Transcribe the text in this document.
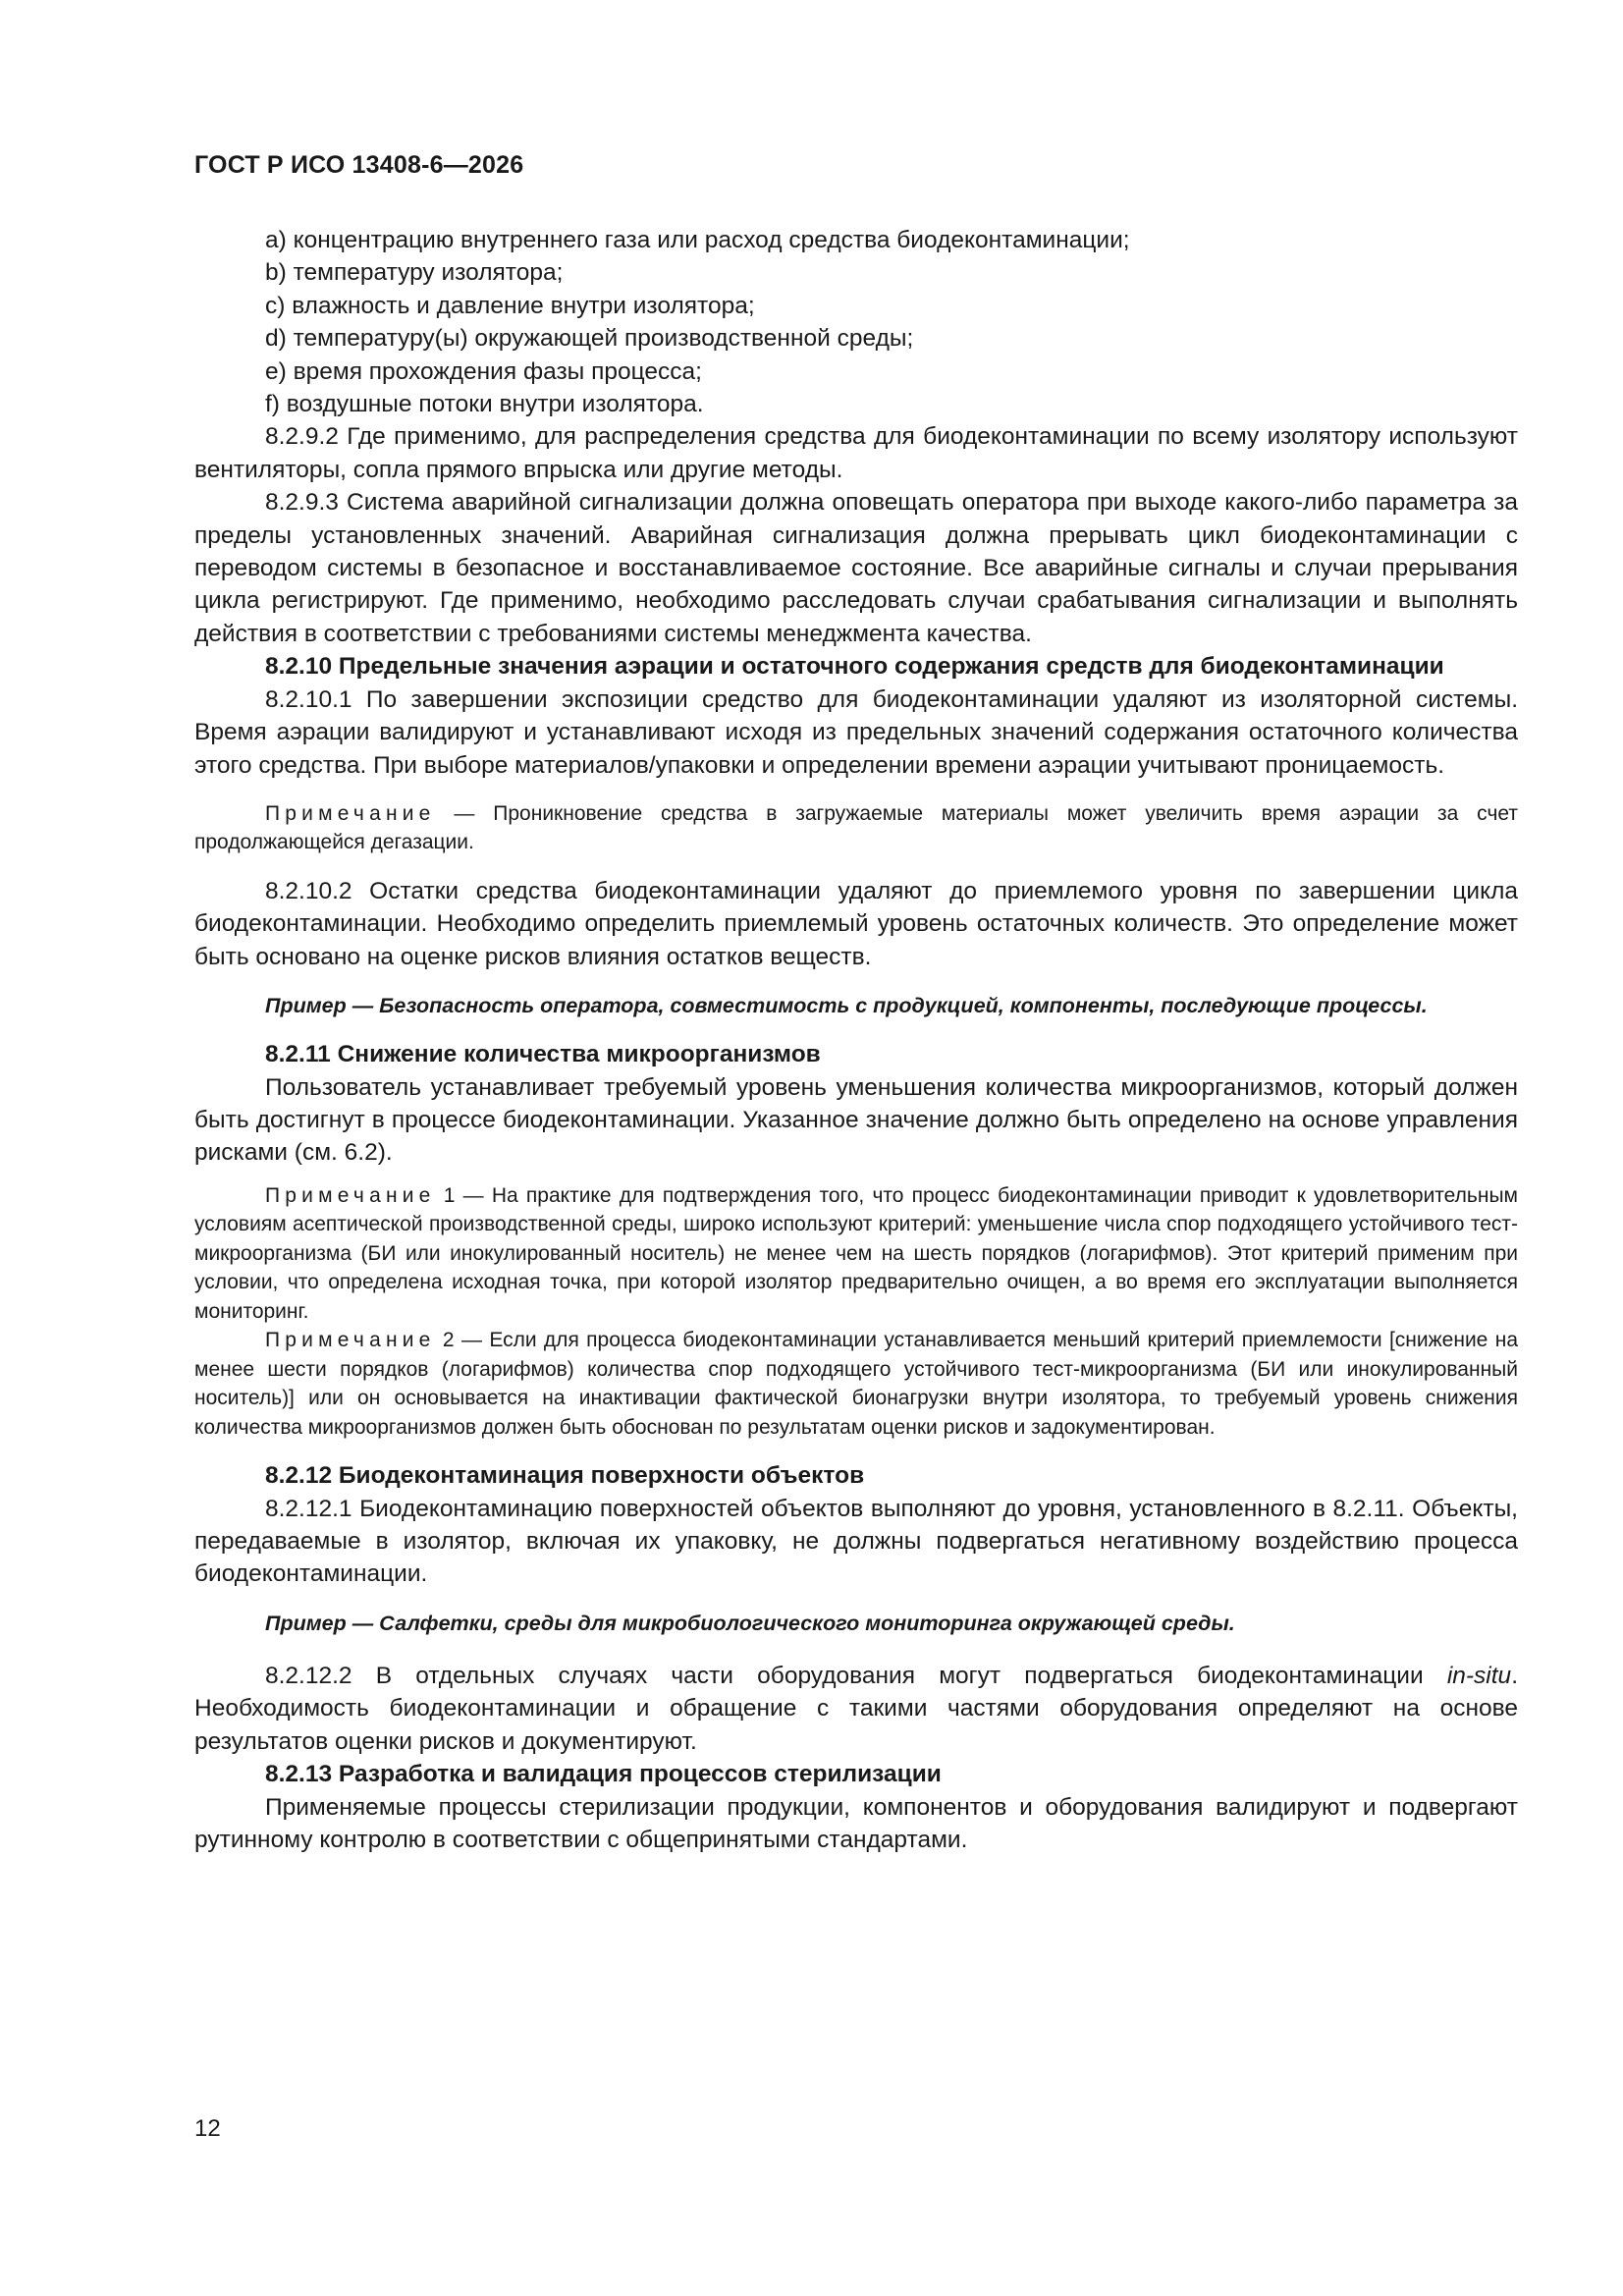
ГОСТ Р ИСО 13408-6—2026

a) концентрацию внутреннего газа или расход средства биодеконтаминации;

b) температуру изолятора;

c) влажность и давление внутри изолятора;

d) температуру(ы) окружающей производственной среды;

e) время прохождения фазы процесса;

f) воздушные потоки внутри изолятора.

8.2.9.2 Где применимо, для распределения средства для биодеконтаминации по всему изолятору используют вентиляторы, сопла прямого впрыска или другие методы.

8.2.9.3 Система аварийной сигнализации должна оповещать оператора при выходе какого-либо параметра за пределы установленных значений. Аварийная сигнализация должна прерывать цикл биодеконтаминации с переводом системы в безопасное и восстанавливаемое состояние. Все аварийные сигналы и случаи прерывания цикла регистрируют. Где применимо, необходимо расследовать случаи срабатывания сигнализации и выполнять действия в соответствии с требованиями системы менеджмента качества.

8.2.10 Предельные значения аэрации и остаточного содержания средств для биодеконтаминации

8.2.10.1 По завершении экспозиции средство для биодеконтаминации удаляют из изоляторной системы. Время аэрации валидируют и устанавливают исходя из предельных значений содержания остаточного количества этого средства. При выборе материалов/упаковки и определении времени аэрации учитывают проницаемость.

Примечание — Проникновение средства в загружаемые материалы может увеличить время аэрации за счет продолжающейся дегазации.

8.2.10.2 Остатки средства биодеконтаминации удаляют до приемлемого уровня по завершении цикла биодеконтаминации. Необходимо определить приемлемый уровень остаточных количеств. Это определение может быть основано на оценке рисков влияния остатков веществ.

Пример — Безопасность оператора, совместимость с продукцией, компоненты, последующие процессы.

8.2.11 Снижение количества микроорганизмов

Пользователь устанавливает требуемый уровень уменьшения количества микроорганизмов, который должен быть достигнут в процессе биодеконтаминации. Указанное значение должно быть определено на основе управления рисками (см. 6.2).

Примечание 1 — На практике для подтверждения того, что процесс биодеконтаминации приводит к удовлетворительным условиям асептической производственной среды, широко используют критерий: уменьшение числа спор подходящего устойчивого тест-микроорганизма (БИ или инокулированный носитель) не менее чем на шесть порядков (логарифмов). Этот критерий применим при условии, что определена исходная точка, при которой изолятор предварительно очищен, а во время его эксплуатации выполняется мониторинг.

Примечание 2 — Если для процесса биодеконтаминации устанавливается меньший критерий приемлемости [снижение на менее шести порядков (логарифмов) количества спор подходящего устойчивого тест-микроорганизма (БИ или инокулированный носитель)] или он основывается на инактивации фактической бионагрузки внутри изолятора, то требуемый уровень снижения количества микроорганизмов должен быть обоснован по результатам оценки рисков и задокументирован.

8.2.12 Биодеконтаминация поверхности объектов

8.2.12.1 Биодеконтаминацию поверхностей объектов выполняют до уровня, установленного в 8.2.11. Объекты, передаваемые в изолятор, включая их упаковку, не должны подвергаться негативному воздействию процесса биодеконтаминации.

Пример — Салфетки, среды для микробиологического мониторинга окружающей среды.

8.2.12.2 В отдельных случаях части оборудования могут подвергаться биодеконтаминации in-situ. Необходимость биодеконтаминации и обращение с такими частями оборудования определяют на основе результатов оценки рисков и документируют.

8.2.13 Разработка и валидация процессов стерилизации

Применяемые процессы стерилизации продукции, компонентов и оборудования валидируют и подвергают рутинному контролю в соответствии с общепринятыми стандартами.

12
